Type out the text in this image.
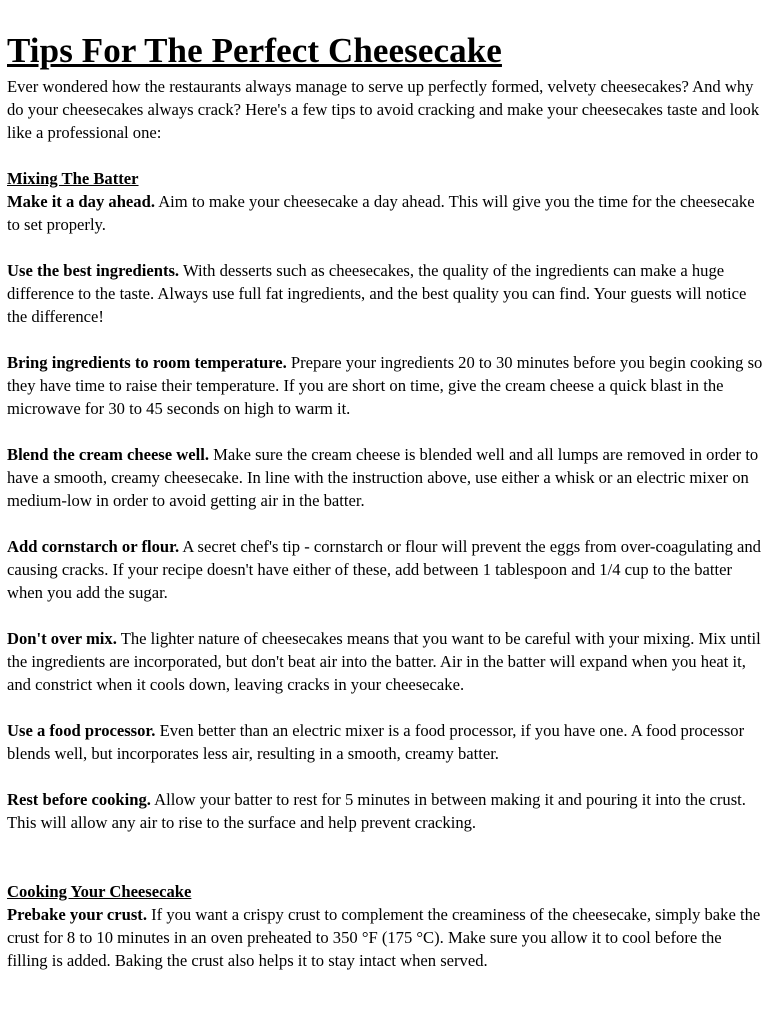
Tips For The Perfect Cheesecake

Ever wondered how the restaurants always manage to serve up perfectly formed, velvety cheesecakes? And why do your cheesecakes always crack? Here's a few tips to avoid cracking and make your cheesecakes taste and look like a professional one:

Mixing The Batter

Make it a day ahead. Aim to make your cheesecake a day ahead. This will give you the time for the cheesecake to set properly.

Use the best ingredients. With desserts such as cheesecakes, the quality of the ingredients can make a huge difference to the taste. Always use full fat ingredients, and the best quality you can find. Your guests will notice the difference!

Bring ingredients to room temperature. Prepare your ingredients 20 to 30 minutes before you begin cooking so they have time to raise their temperature. If you are short on time, give the cream cheese a quick blast in the microwave for 30 to 45 seconds on high to warm it.

Blend the cream cheese well. Make sure the cream cheese is blended well and all lumps are removed in order to have a smooth, creamy cheesecake. In line with the instruction above, use either a whisk or an electric mixer on medium-low in order to avoid getting air in the batter.

Add cornstarch or flour. A secret chef's tip - cornstarch or flour will prevent the eggs from over-coagulating and causing cracks. If your recipe doesn't have either of these, add between 1 tablespoon and 1/4 cup to the batter when you add the sugar.

Don't over mix. The lighter nature of cheesecakes means that you want to be careful with your mixing. Mix until the ingredients are incorporated, but don't beat air into the batter. Air in the batter will expand when you heat it, and constrict when it cools down, leaving cracks in your cheesecake.

Use a food processor. Even better than an electric mixer is a food processor, if you have one. A food processor blends well, but incorporates less air, resulting in a smooth, creamy batter.

Rest before cooking. Allow your batter to rest for 5 minutes in between making it and pouring it into the crust. This will allow any air to rise to the surface and help prevent cracking.

Cooking Your Cheesecake

Prebake your crust. If you want a crispy crust to complement the creaminess of the cheesecake, simply bake the crust for 8 to 10 minutes in an oven preheated to 350 °F (175 °C). Make sure you allow it to cool before the filling is added. Baking the crust also helps it to stay intact when served.
